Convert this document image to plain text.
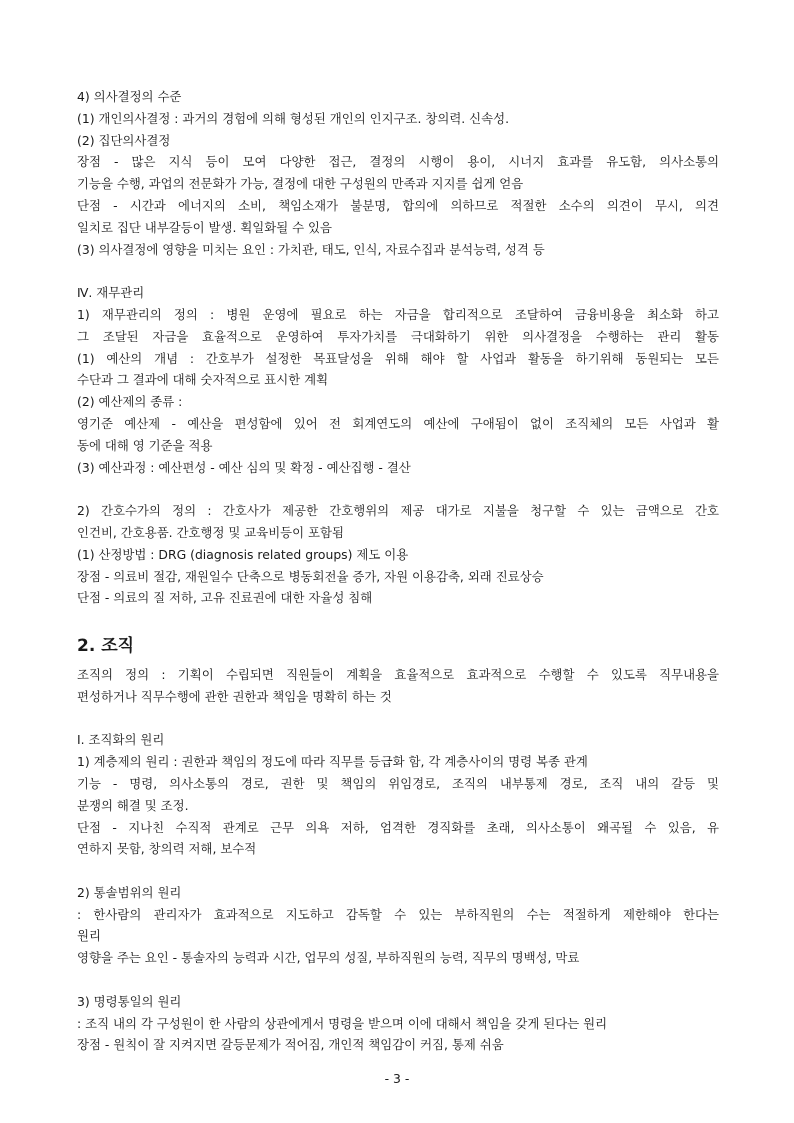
4) 의사결정의 수준
(1) 개인의사결정 : 과거의 경험에 의해 형성된 개인의 인지구조. 창의력. 신속성.
(2) 집단의사결정
장점 - 많은 지식 등이 모여 다양한 접근, 결정의 시행이 용이, 시너지 효과를 유도함, 의사소통의
기능을 수행, 과업의 전문화가 가능, 결정에 대한 구성원의 만족과 지지를 쉽게 얻음
단점 - 시간과 에너지의 소비, 책임소재가 불분명, 합의에 의하므로 적절한 소수의 의견이 무시, 의견
일치로 집단 내부갈등이 발생. 획일화될 수 있음
(3) 의사결정에 영향을 미치는 요인 : 가치관, 태도, 인식, 자료수집과 분석능력, 성격 등
Ⅳ. 재무관리
1) 재무관리의 정의 : 병원 운영에 필요로 하는 자금을 합리적으로 조달하여 금융비용을 최소화 하고
그 조달된 자금을 효율적으로 운영하여 투자가치를 극대화하기 위한 의사결정을 수행하는 관리 활동
(1) 예산의 개념 : 간호부가 설정한 목표달성을 위해 해야 할 사업과 활동을 하기위해 동원되는 모든
수단과 그 결과에 대해 숫자적으로 표시한 계획
(2) 예산제의 종류 :
영기준 예산제 - 예산을 편성함에 있어 전 회계연도의 예산에 구애됨이 없이 조직체의 모든 사업과 활
동에 대해 영 기준을 적용
(3) 예산과정 : 예산편성 - 예산 심의 및 확정 - 예산집행 - 결산
2) 간호수가의 정의 : 간호사가 제공한 간호행위의 제공 대가로 지불을 청구할 수 있는 금액으로 간호
인건비, 간호용품. 간호행정 및 교육비등이 포함됨
(1) 산정방법 : DRG (diagnosis related groups) 제도 이용
장점 - 의료비 절감, 재원일수 단축으로 병동회전율 증가, 자원 이용감축, 외래 진료상승
단점 - 의료의 질 저하, 고유 진료권에 대한 자율성 침해
2. 조직
조직의 정의 : 기획이 수립되면 직원들이 계획을 효율적으로 효과적으로 수행할 수 있도록 직무내용을
편성하거나 직무수행에 관한 권한과 책임을 명확히 하는 것
Ⅰ. 조직화의 원리
1) 계층제의 원리 : 권한과 책임의 정도에 따라 직무를 등급화 함, 각 계층사이의 명령 복종 관계
기능 - 명령, 의사소통의 경로, 권한 및 책임의 위임경로, 조직의 내부통제 경로, 조직 내의 갈등 및
분쟁의 해결 및 조정.
단점 - 지나친 수직적 관계로 근무 의욕 저하, 엄격한 경직화를 초래, 의사소통이 왜곡될 수 있음, 유
연하지 못함, 창의력 저해, 보수적
2) 통솔범위의 원리
: 한사람의 관리자가 효과적으로 지도하고 감독할 수 있는 부하직원의 수는 적절하게 제한해야 한다는
원리
영향을 주는 요인 - 통솔자의 능력과 시간, 업무의 성질, 부하직원의 능력, 직무의 명백성, 막료
3) 명령통일의 원리
: 조직 내의 각 구성원이 한 사람의 상관에게서 명령을 받으며 이에 대해서 책임을 갖게 된다는 원리
장점 - 원칙이 잘 지켜지면 갈등문제가 적어짐, 개인적 책임감이 커짐, 통제 쉬움
- 3 -
